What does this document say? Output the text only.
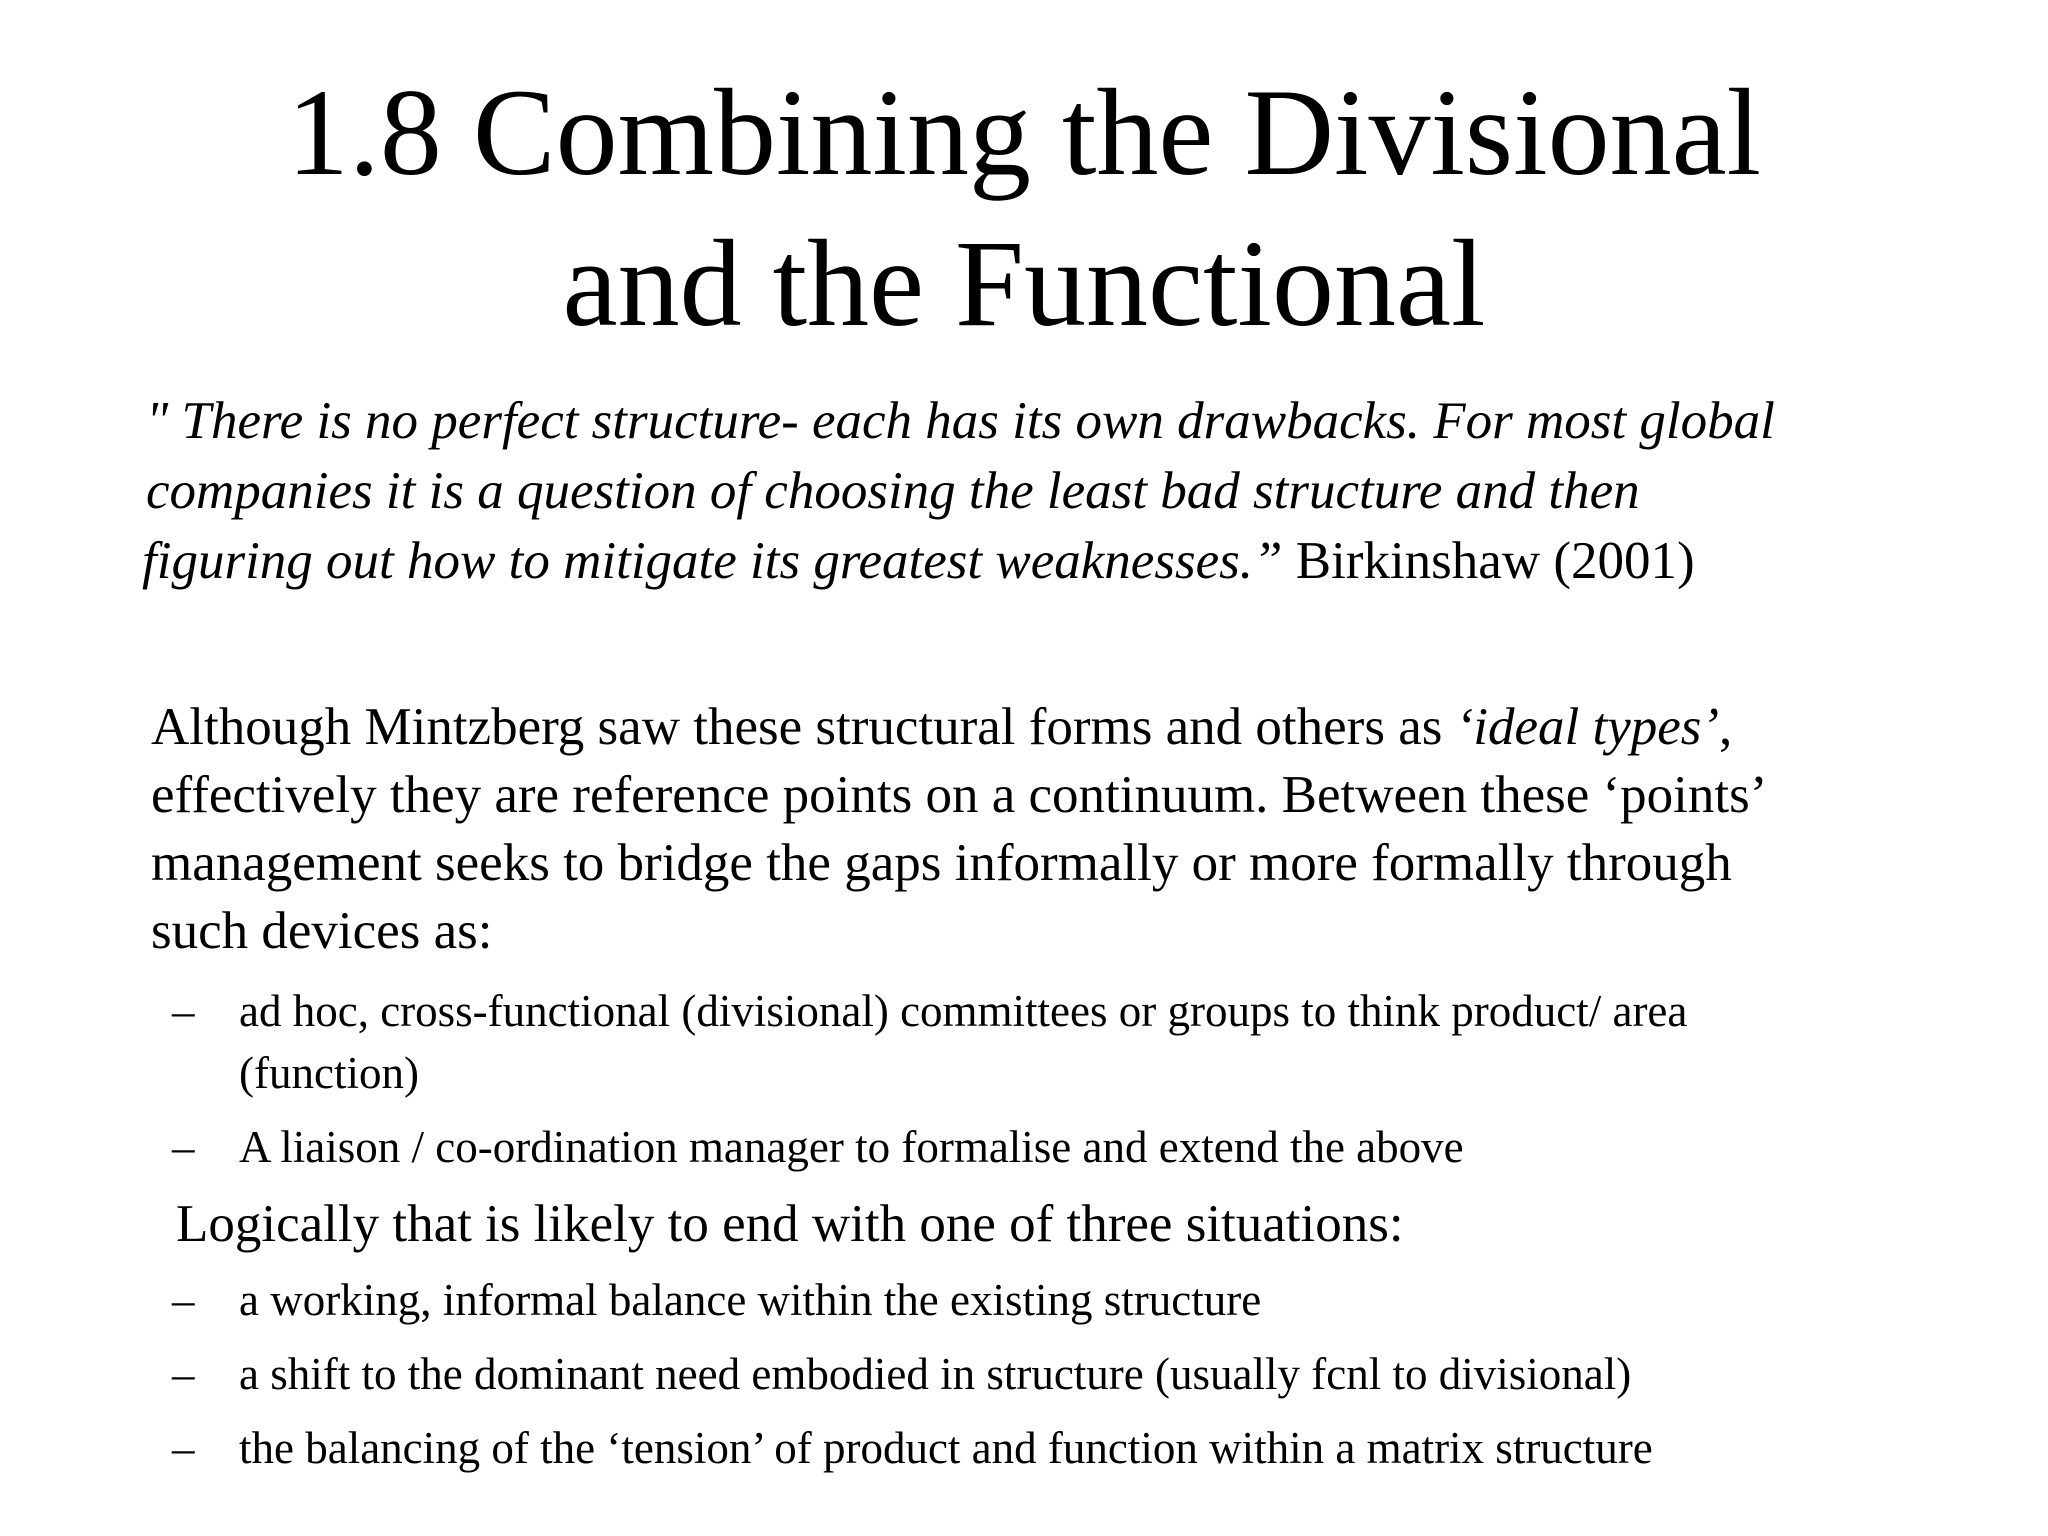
1.8 Combining the Divisional
and the Functional
" There is no perfect structure- each has its own drawbacks. For most global
companies it is a question of choosing the least bad structure and then
figuring out how to mitigate its greatest weaknesses.” Birkinshaw (2001)
Although Mintzberg saw these structural forms and others as ‘ideal types’,
effectively they are reference points on a continuum. Between these ‘points’
management seeks to bridge the gaps informally or more formally through
such devices as:
– ad hoc, cross-functional (divisional) committees or groups to think product/ area
(function)
– A liaison / co-ordination manager to formalise and extend the above
Logically that is likely to end with one of three situations:
– a working, informal balance within the existing structure
– a shift to the dominant need embodied in structure (usually fcnl to divisional)
– the balancing of the ‘tension’ of product and function within a matrix structure
